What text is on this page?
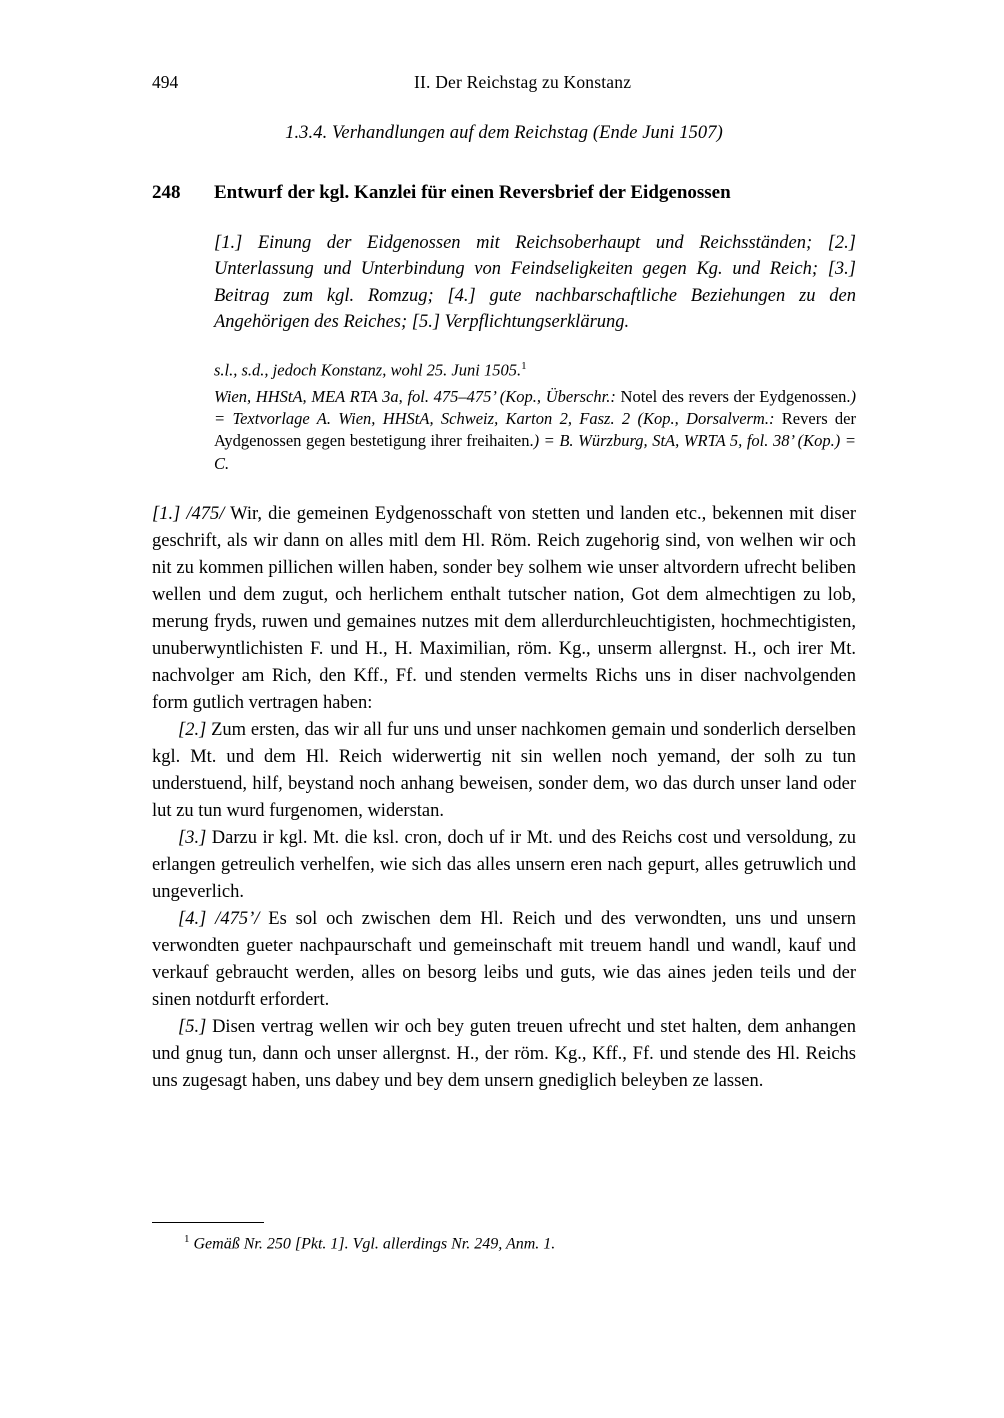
494	II. Der Reichstag zu Konstanz
1.3.4. Verhandlungen auf dem Reichstag (Ende Juni 1507)
248	Entwurf der kgl. Kanzlei für einen Reversbrief der Eidgenossen
[1.] Einung der Eidgenossen mit Reichsoberhaupt und Reichsständen; [2.] Unterlassung und Unterbindung von Feindseligkeiten gegen Kg. und Reich; [3.] Beitrag zum kgl. Romzug; [4.] gute nachbarschaftliche Beziehungen zu den Angehörigen des Reiches; [5.] Verpflichtungserklärung.
s.l., s.d., jedoch Konstanz, wohl 25. Juni 1505.$^1$
Wien, HHStA, MEA RTA 3a, fol. 475–475’ (Kop., Überschr.: Notel des revers der Eydgenossen.) = Textvorlage A. Wien, HHStA, Schweiz, Karton 2, Fasz. 2 (Kop., Dorsalverm.: Revers der Aydgenossen gegen bestetigung ihrer freihaiten.) = B. Würzburg, StA, WRTA 5, fol. 38’ (Kop.) = C.

[1.] /475/ Wir, die gemeinen Eydgenosschaft von stetten und landen etc., bekennen mit diser geschrift, als wir dann on alles mitl dem Hl. Röm. Reich zugehorig sind, von welhen wir och nit zu kommen pillichen willen haben, sonder bey solhem wie unser altvordern ufrecht beliben wellen und dem zugut, och herlichem enthalt tutscher nation, Got dem almechtigen zu lob, merung fryds, ruwen und gemaines nutzes mit dem allerdurchleuchtigisten, hochmechtigisten, unuberwyntlichisten F. und H., H. Maximilian, röm. Kg., unserm allergnst. H., och irer Mt. nachvolger am Rich, den Kff., Ff. und stenden vermelts Richs uns in diser nachvolgenden form gutlich vertragen haben:

[2.] Zum ersten, das wir all fur uns und unser nachkomen gemain und sonderlich derselben kgl. Mt. und dem Hl. Reich widerwertig nit sin wellen noch yemand, der solh zu tun understuend, hilf, beystand noch anhang beweisen, sonder dem, wo das durch unser land oder lut zu tun wurd furgenomen, widerstan.

[3.] Darzu ir kgl. Mt. die ksl. cron, doch uf ir Mt. und des Reichs cost und versoldung, zu erlangen getreulich verhelfen, wie sich das alles unsern eren nach gepurt, alles getruwlich und ungeverlich.

[4.] /475’/ Es sol och zwischen dem Hl. Reich und des verwondten, uns und unsern verwondten gueter nachpaurschaft und gemeinschaft mit treuem handl und wandl, kauf und verkauf gebraucht werden, alles on besorg leibs und guts, wie das aines jeden teils und der sinen notdurft erfordert.

[5.] Disen vertrag wellen wir och bey guten treuen ufrecht und stet halten, dem anhangen und gnug tun, dann och unser allergnst. H., der röm. Kg., Kff., Ff. und stende des Hl. Reichs uns zugesagt haben, uns dabey und bey dem unsern gnediglich beleyben ze lassen.

$^1$ Gemäß Nr. 250 [Pkt. 1]. Vgl. allerdings Nr. 249, Anm. 1.
